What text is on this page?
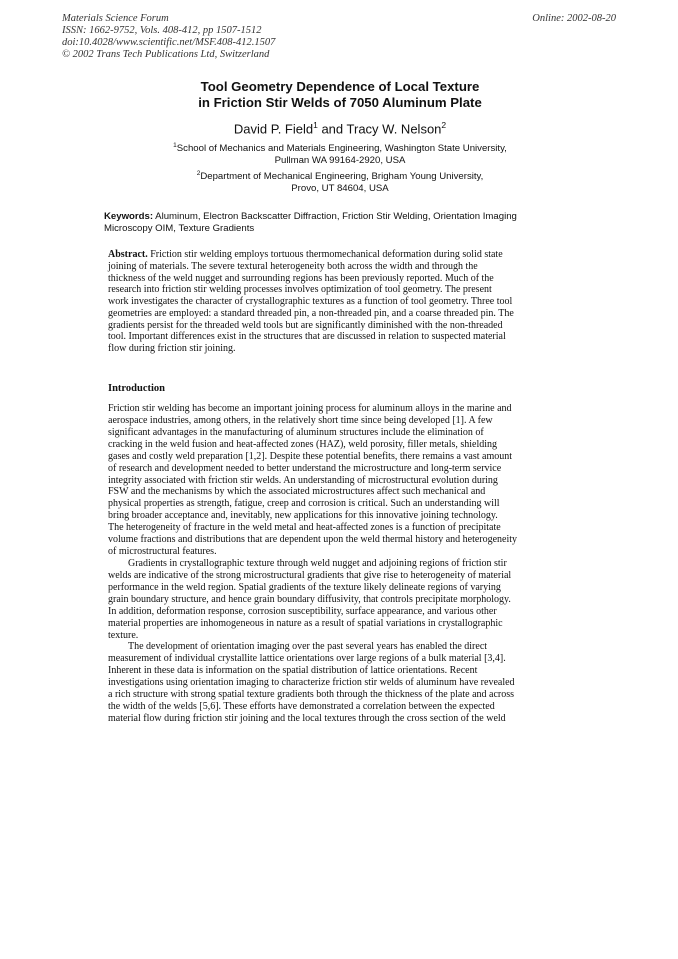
Materials Science Forum
ISSN: 1662-9752, Vols. 408-412, pp 1507-1512
doi:10.4028/www.scientific.net/MSF.408-412.1507
© 2002 Trans Tech Publications Ltd, Switzerland
Online: 2002-08-20
Tool Geometry Dependence of Local Texture
in Friction Stir Welds of 7050 Aluminum Plate
David P. Field$^1$ and Tracy W. Nelson$^2$
$^1$School of Mechanics and Materials Engineering, Washington State University,
Pullman WA 99164-2920, USA
$^2$Department of Mechanical Engineering, Brigham Young University,
Provo, UT 84604, USA
Keywords: Aluminum, Electron Backscatter Diffraction, Friction Stir Welding, Orientation Imaging
Microscopy OIM, Texture Gradients
Abstract. Friction stir welding employs tortuous thermomechanical deformation during solid state
joining of materials. The severe textural heterogeneity both across the width and through the
thickness of the weld nugget and surrounding regions has been previously reported. Much of the
research into friction stir welding processes involves optimization of tool geometry. The present
work investigates the character of crystallographic textures as a function of tool geometry. Three tool
geometries are employed: a standard threaded pin, a non-threaded pin, and a coarse threaded pin. The
gradients persist for the threaded weld tools but are significantly diminished with the non-threaded
tool. Important differences exist in the structures that are discussed in relation to suspected material
flow during friction stir joining.
Introduction
Friction stir welding has become an important joining process for aluminum alloys in the marine and
aerospace industries, among others, in the relatively short time since being developed [1]. A few
significant advantages in the manufacturing of aluminum structures include the elimination of
cracking in the weld fusion and heat-affected zones (HAZ), weld porosity, filler metals, shielding
gases and costly weld preparation [1,2]. Despite these potential benefits, there remains a vast amount
of research and development needed to better understand the microstructure and long-term service
integrity associated with friction stir welds. An understanding of microstructural evolution during
FSW and the mechanisms by which the associated microstructures affect such mechanical and
physical properties as strength, fatigue, creep and corrosion is critical. Such an understanding will
bring broader acceptance and, inevitably, new applications for this innovative joining technology.
The heterogeneity of fracture in the weld metal and heat-affected zones is a function of precipitate
volume fractions and distributions that are dependent upon the weld thermal history and heterogeneity
of microstructural features.
Gradients in crystallographic texture through weld nugget and adjoining regions of friction stir
welds are indicative of the strong microstructural gradients that give rise to heterogeneity of material
performance in the weld region. Spatial gradients of the texture likely delineate regions of varying
grain boundary structure, and hence grain boundary diffusivity, that controls precipitate morphology.
In addition, deformation response, corrosion susceptibility, surface appearance, and various other
material properties are inhomogeneous in nature as a result of spatial variations in crystallographic
texture.
The development of orientation imaging over the past several years has enabled the direct
measurement of individual crystallite lattice orientations over large regions of a bulk material [3,4].
Inherent in these data is information on the spatial distribution of lattice orientations. Recent
investigations using orientation imaging to characterize friction stir welds of aluminum have revealed
a rich structure with strong spatial texture gradients both through the thickness of the plate and across
the width of the welds [5,6]. These efforts have demonstrated a correlation between the expected
material flow during friction stir joining and the local textures through the cross section of the weld
